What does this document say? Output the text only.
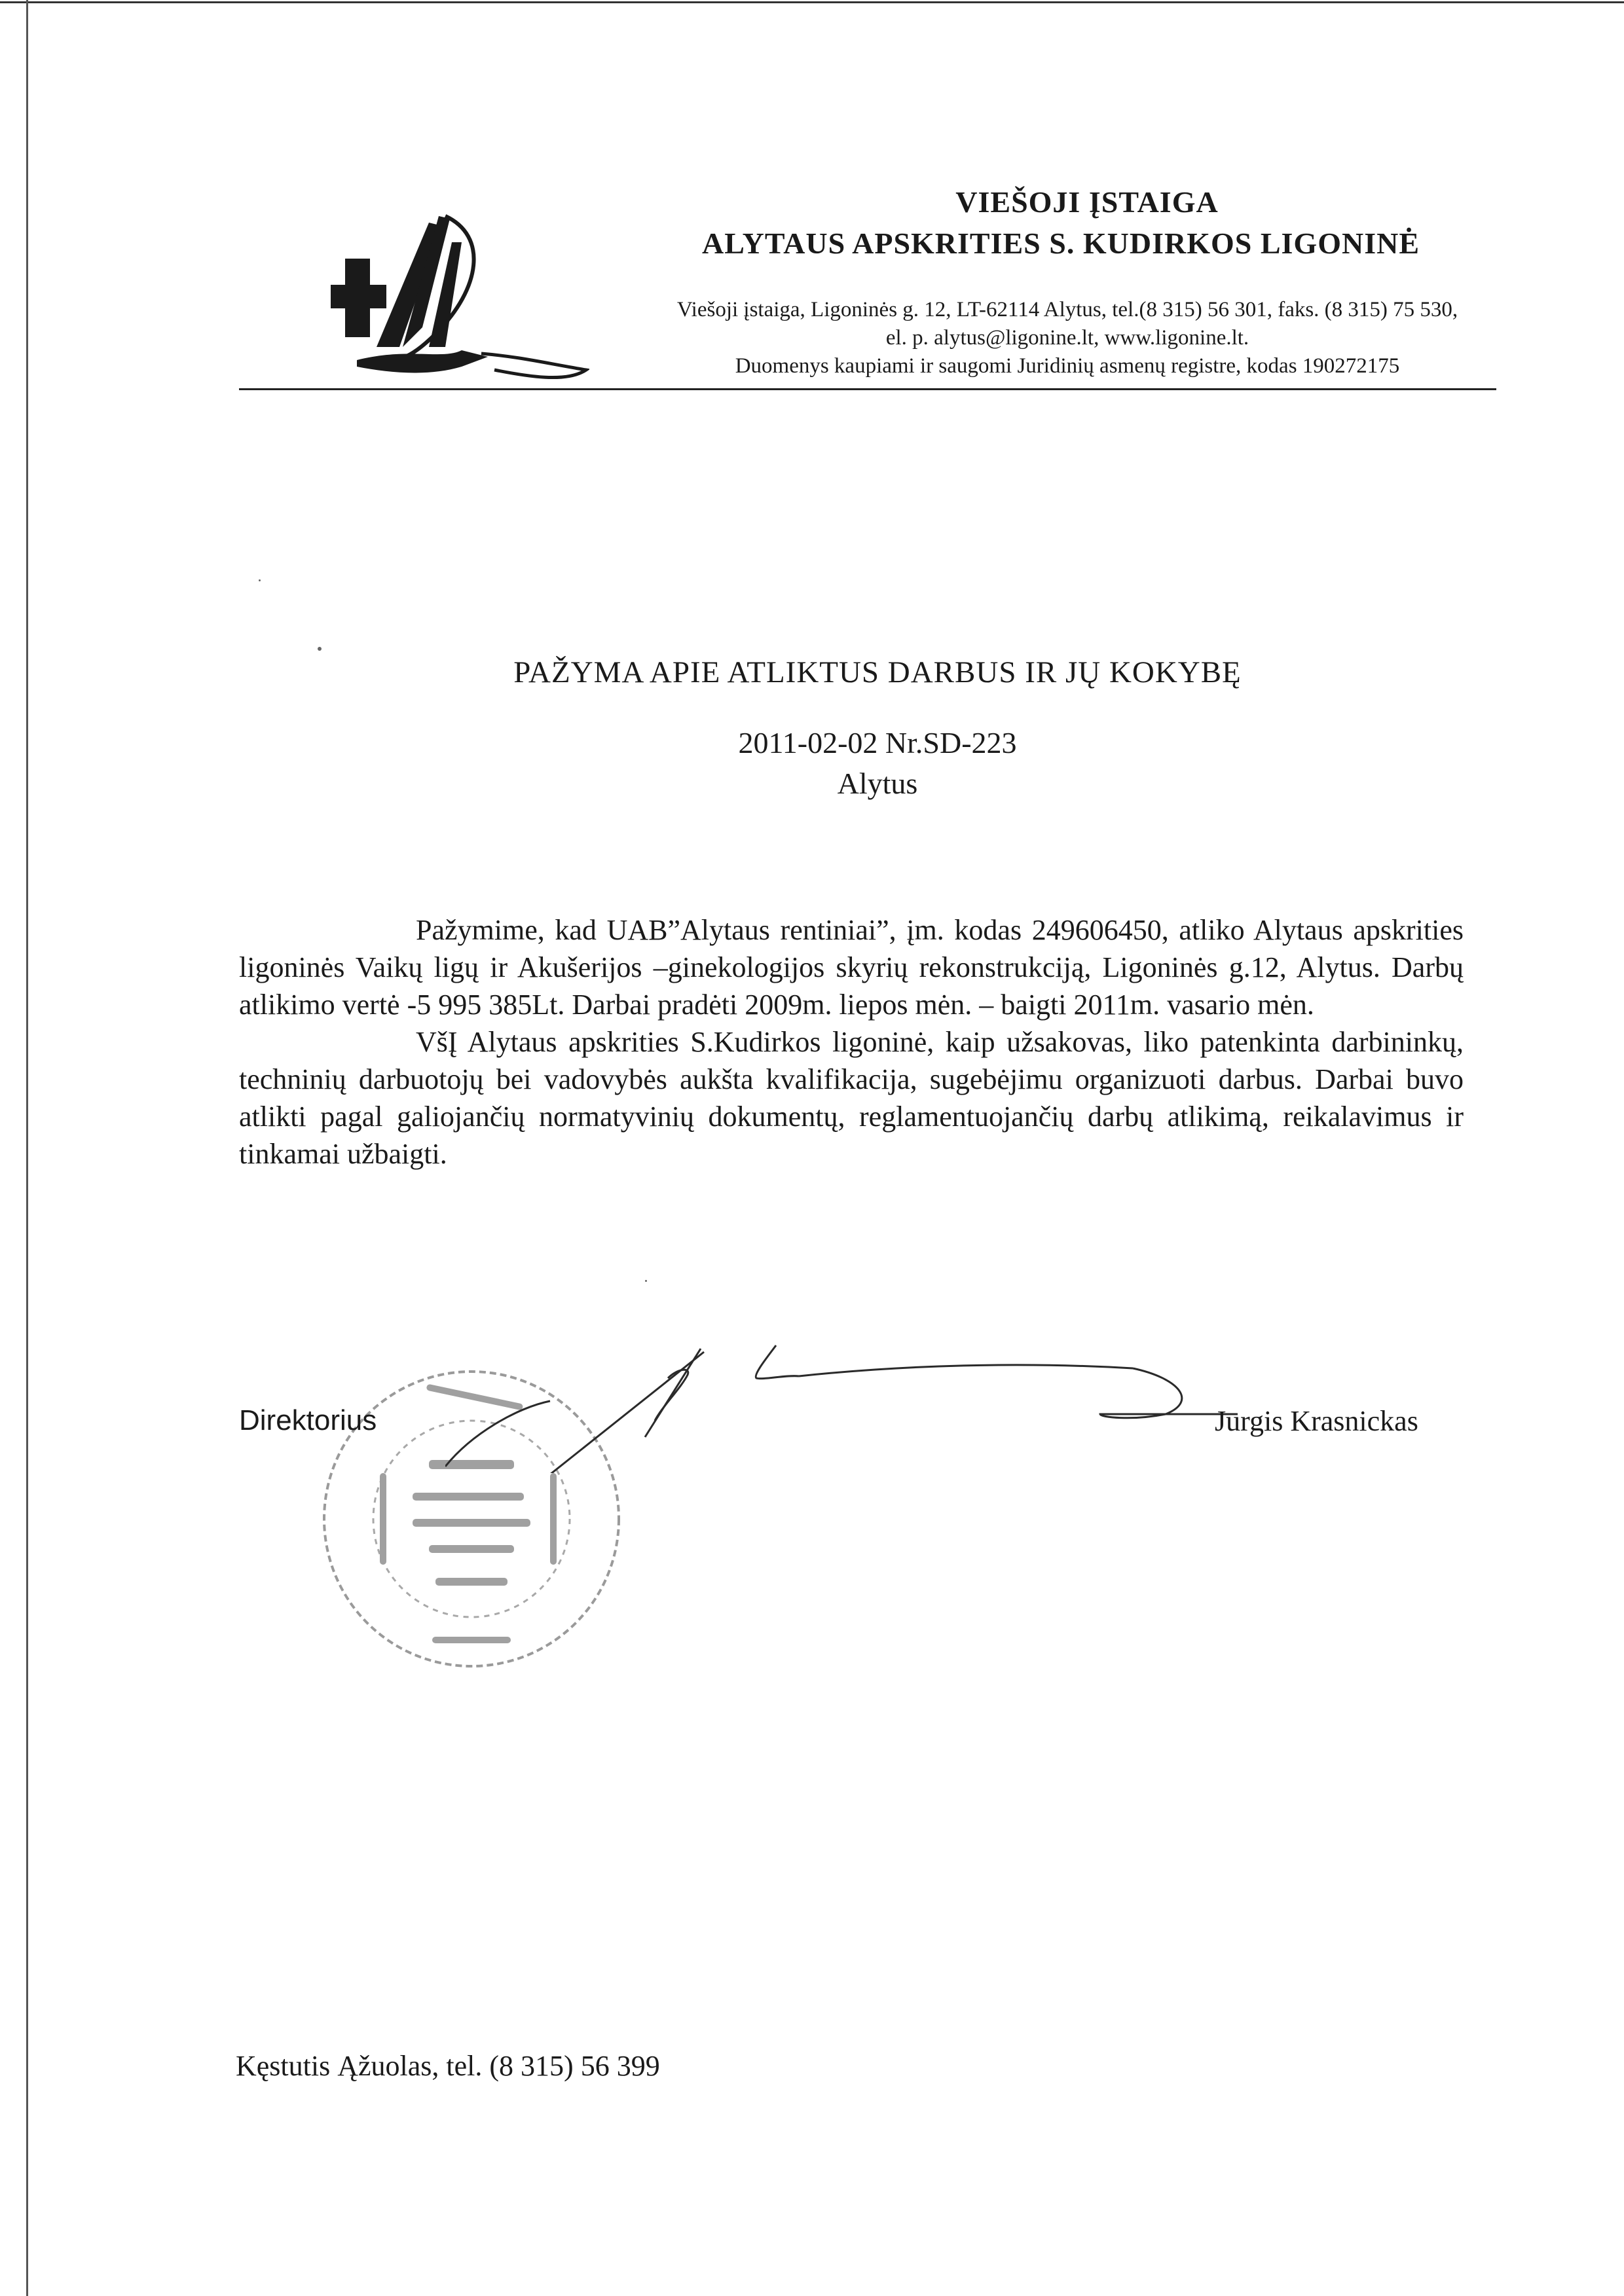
VIEŠOJI ĮSTAIGA
ALYTAUS APSKRITIES S. KUDIRKOS LIGONINĖ
Viešoji įstaiga, Ligoninės g. 12, LT-62114 Alytus, tel.(8 315) 56 301, faks. (8 315) 75 530,
el. p. alytus@ligonine.lt, www.ligonine.lt.
Duomenys kaupiami ir saugomi Juridinių asmenų registre, kodas 190272175
PAŽYMA APIE ATLIKTUS DARBUS IR JŲ KOKYBĘ
2011-02-02 Nr.SD-223
Alytus

Pažymime, kad UAB”Alytaus rentiniai”, įm. kodas 249606450, atliko Alytaus apskrities ligoninės Vaikų ligų ir Akušerijos –ginekologijos skyrių rekonstrukciją, Ligoninės g.12, Alytus. Darbų atlikimo vertė -5 995 385Lt. Darbai pradėti 2009m. liepos mėn. – baigti 2011m. vasario mėn.

VšĮ Alytaus apskrities S.Kudirkos ligoninė, kaip užsakovas, liko patenkinta darbininkų, techninių darbuotojų bei vadovybės aukšta kvalifikacija, sugebėjimu organizuoti darbus. Darbai buvo atlikti pagal galiojančių normatyvinių dokumentų, reglamentuojančių darbų atlikimą, reikalavimus ir tinkamai užbaigti.

Direktorius	Jurgis Krasnickas
Kęstutis Ąžuolas, tel. (8 315) 56 399
